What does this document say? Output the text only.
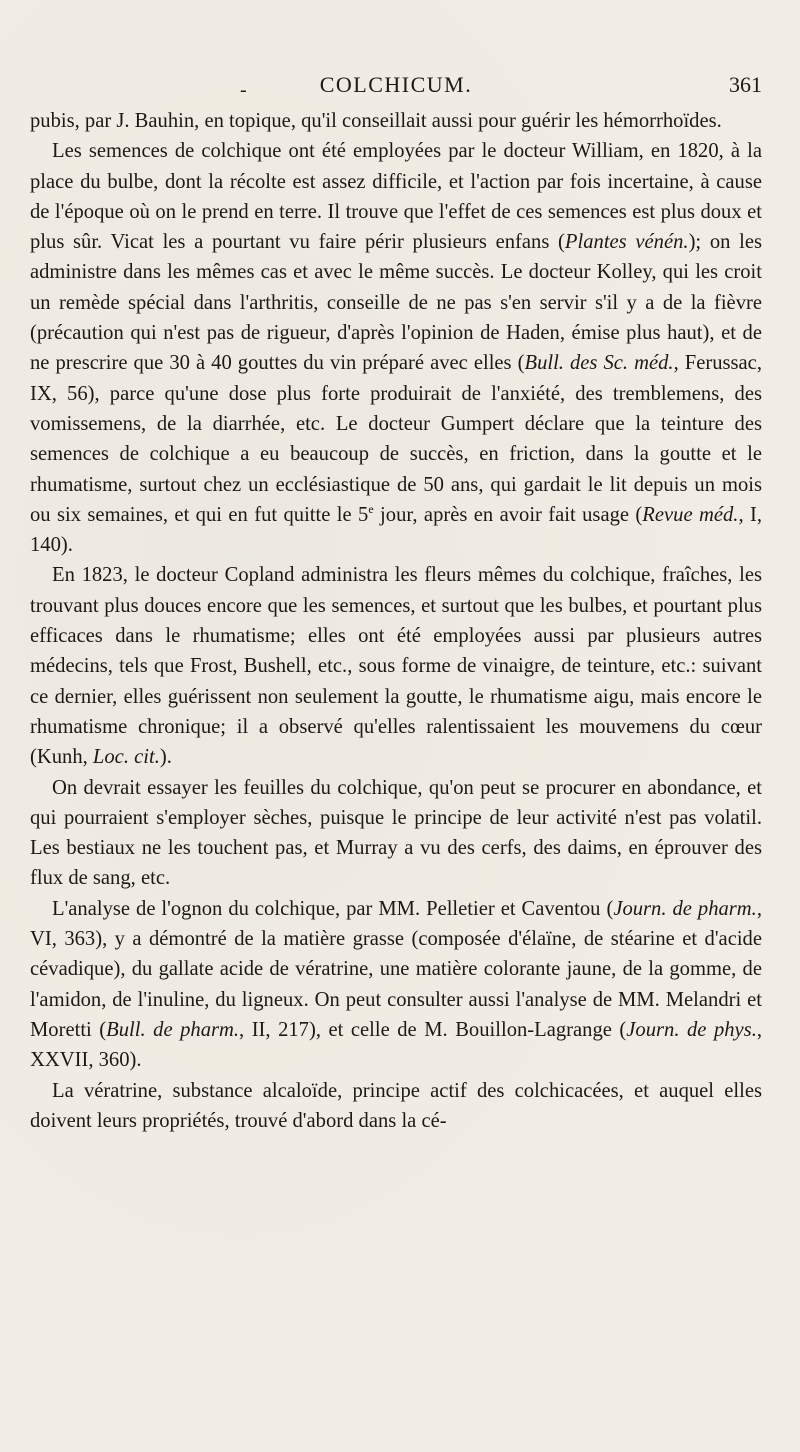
-	COLCHICUM.	361

pubis, par J. Bauhin, en topique, qu'il conseillait aussi pour guérir les hémorrhoïdes.

Les semences de colchique ont été employées par le docteur William, en 1820, à la place du bulbe, dont la récolte est assez difficile, et l'action par fois incertaine, à cause de l'époque où on le prend en terre. Il trouve que l'effet de ces semences est plus doux et plus sûr. Vicat les a pourtant vu faire périr plusieurs enfans (Plantes vénén.); on les administre dans les mêmes cas et avec le même succès. Le docteur Kolley, qui les croit un remède spécial dans l'arthritis, conseille de ne pas s'en servir s'il y a de la fièvre (précaution qui n'est pas de rigueur, d'après l'opinion de Haden, émise plus haut), et de ne prescrire que 30 à 40 gouttes du vin préparé avec elles (Bull. des Sc. méd., Ferussac, IX, 56), parce qu'une dose plus forte produirait de l'anxiété, des tremblemens, des vomissemens, de la diarrhée, etc. Le docteur Gumpert déclare que la teinture des semences de colchique a eu beaucoup de succès, en friction, dans la goutte et le rhumatisme, surtout chez un ecclésiastique de 50 ans, qui gardait le lit depuis un mois ou six semaines, et qui en fut quitte le 5e jour, après en avoir fait usage (Revue méd., I, 140).

En 1823, le docteur Copland administra les fleurs mêmes du colchique, fraîches, les trouvant plus douces encore que les semences, et surtout que les bulbes, et pourtant plus efficaces dans le rhumatisme; elles ont été employées aussi par plusieurs autres médecins, tels que Frost, Bushell, etc., sous forme de vinaigre, de teinture, etc.: suivant ce dernier, elles guérissent non seulement la goutte, le rhumatisme aigu, mais encore le rhumatisme chronique; il a observé qu'elles ralentissaient les mouvemens du cœur (Kunh, Loc. cit.).

On devrait essayer les feuilles du colchique, qu'on peut se procurer en abondance, et qui pourraient s'employer sèches, puisque le principe de leur activité n'est pas volatil. Les bestiaux ne les touchent pas, et Murray a vu des cerfs, des daims, en éprouver des flux de sang, etc.

L'analyse de l'ognon du colchique, par MM. Pelletier et Caventou (Journ. de pharm., VI, 363), y a démontré de la matière grasse (composée d'élaïne, de stéarine et d'acide cévadique), du gallate acide de vératrine, une matière colorante jaune, de la gomme, de l'amidon, de l'inuline, du ligneux. On peut consulter aussi l'analyse de MM. Melandri et Moretti (Bull. de pharm., II, 217), et celle de M. Bouillon-Lagrange (Journ. de phys., XXVII, 360).

La vératrine, substance alcaloïde, principe actif des colchicacées, et auquel elles doivent leurs propriétés, trouvé d'abord dans la cé-
